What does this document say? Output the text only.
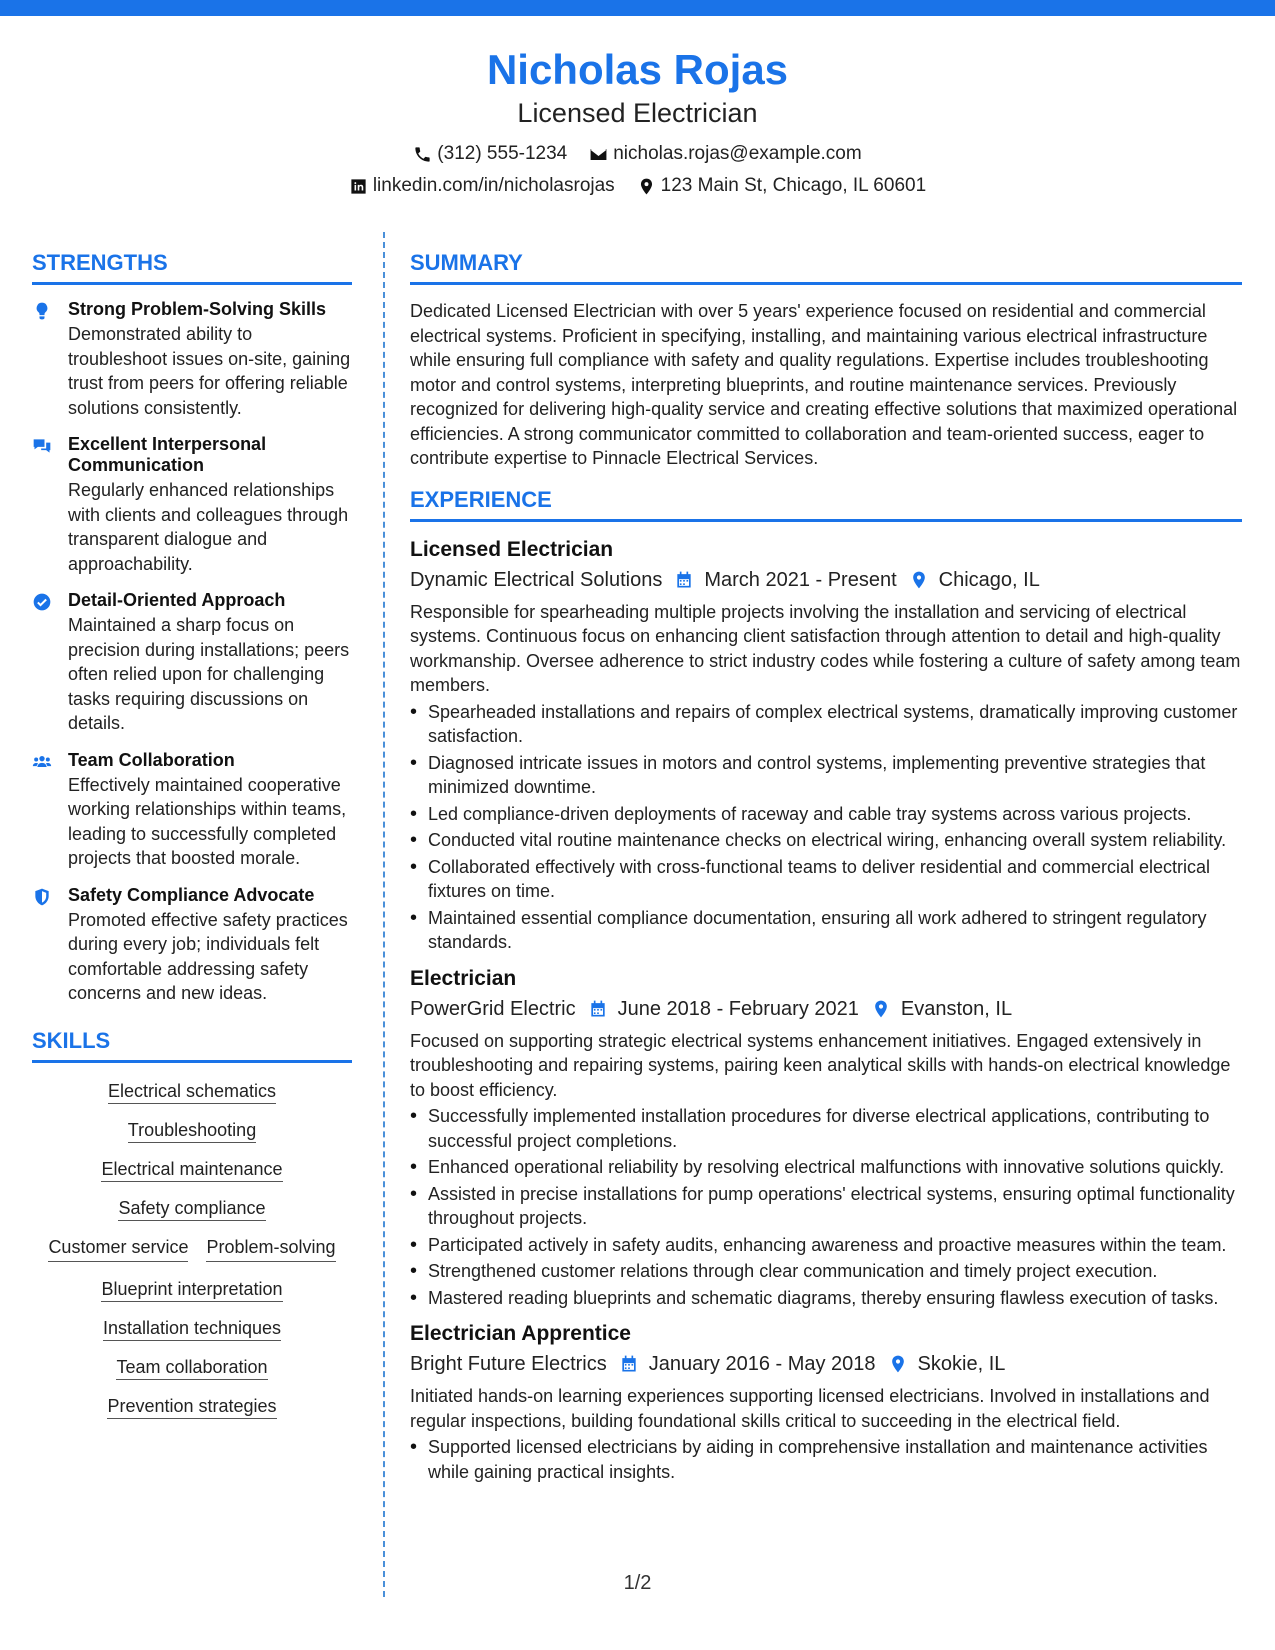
Nicholas Rojas
Licensed Electrician
(312) 555-1234 nicholas.rojas@example.com
linkedin.com/in/nicholasrojas 123 Main St, Chicago, IL 60601
STRENGTHS
Strong Problem-Solving Skills
Demonstrated ability to troubleshoot issues on-site, gaining trust from peers for offering reliable solutions consistently.
Excellent Interpersonal Communication
Regularly enhanced relationships with clients and colleagues through transparent dialogue and approachability.
Detail-Oriented Approach
Maintained a sharp focus on precision during installations; peers often relied upon for challenging tasks requiring discussions on details.
Team Collaboration
Effectively maintained cooperative working relationships within teams, leading to successfully completed projects that boosted morale.
Safety Compliance Advocate
Promoted effective safety practices during every job; individuals felt comfortable addressing safety concerns and new ideas.
SKILLS
Electrical schematics
Troubleshooting
Electrical maintenance
Safety compliance
Customer service Problem-solving
Blueprint interpretation
Installation techniques
Team collaboration
Prevention strategies
SUMMARY
Dedicated Licensed Electrician with over 5 years' experience focused on residential and commercial electrical systems. Proficient in specifying, installing, and maintaining various electrical infrastructure while ensuring full compliance with safety and quality regulations. Expertise includes troubleshooting motor and control systems, interpreting blueprints, and routine maintenance services. Previously recognized for delivering high-quality service and creating effective solutions that maximized operational efficiencies. A strong communicator committed to collaboration and team-oriented success, eager to contribute expertise to Pinnacle Electrical Services.
EXPERIENCE
Licensed Electrician
Dynamic Electrical Solutions March 2021 - Present Chicago, IL
Responsible for spearheading multiple projects involving the installation and servicing of electrical systems. Continuous focus on enhancing client satisfaction through attention to detail and high-quality workmanship. Oversee adherence to strict industry codes while fostering a culture of safety among team members.
• Spearheaded installations and repairs of complex electrical systems, dramatically improving customer satisfaction.
• Diagnosed intricate issues in motors and control systems, implementing preventive strategies that minimized downtime.
• Led compliance-driven deployments of raceway and cable tray systems across various projects.
• Conducted vital routine maintenance checks on electrical wiring, enhancing overall system reliability.
• Collaborated effectively with cross-functional teams to deliver residential and commercial electrical fixtures on time.
• Maintained essential compliance documentation, ensuring all work adhered to stringent regulatory standards.
Electrician
PowerGrid Electric June 2018 - February 2021 Evanston, IL
Focused on supporting strategic electrical systems enhancement initiatives. Engaged extensively in troubleshooting and repairing systems, pairing keen analytical skills with hands-on electrical knowledge to boost efficiency.
• Successfully implemented installation procedures for diverse electrical applications, contributing to successful project completions.
• Enhanced operational reliability by resolving electrical malfunctions with innovative solutions quickly.
• Assisted in precise installations for pump operations' electrical systems, ensuring optimal functionality throughout projects.
• Participated actively in safety audits, enhancing awareness and proactive measures within the team.
• Strengthened customer relations through clear communication and timely project execution.
• Mastered reading blueprints and schematic diagrams, thereby ensuring flawless execution of tasks.
Electrician Apprentice
Bright Future Electrics January 2016 - May 2018 Skokie, IL
Initiated hands-on learning experiences supporting licensed electricians. Involved in installations and regular inspections, building foundational skills critical to succeeding in the electrical field.
• Supported licensed electricians by aiding in comprehensive installation and maintenance activities while gaining practical insights.
1/2
